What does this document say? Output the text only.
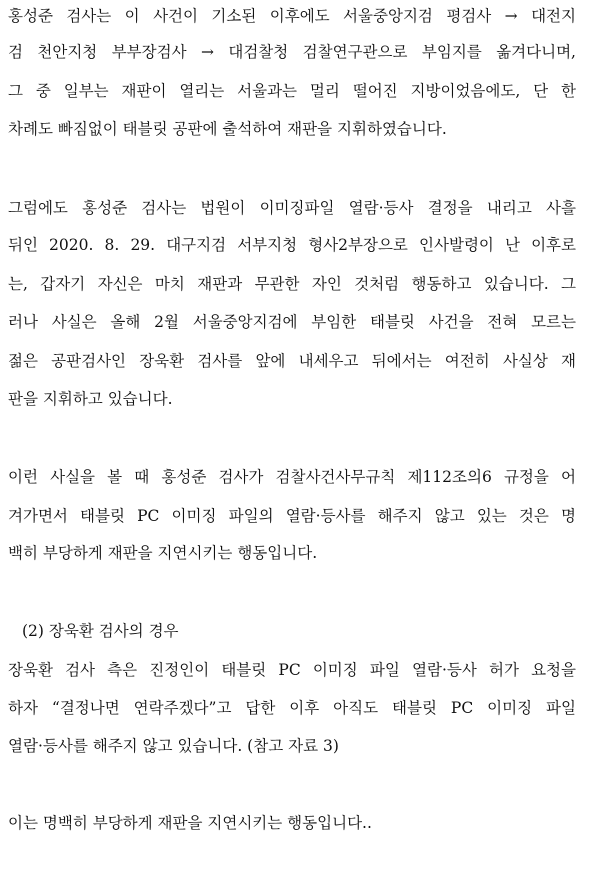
홍성준 검사는 이 사건이 기소된 이후에도 서울중앙지검 평검사 → 대전지
검 천안지청 부부장검사 → 대검찰청 검찰연구관으로 부임지를 옮겨다니며,
그 중 일부는 재판이 열리는 서울과는 멀리 떨어진 지방이었음에도, 단 한
차례도 빠짐없이 태블릿 공판에 출석하여 재판을 지휘하였습니다.
그럼에도 홍성준 검사는 법원이 이미징파일 열람·등사 결정을 내리고 사흘
뒤인 2020. 8. 29. 대구지검 서부지청 형사2부장으로 인사발령이 난 이후로
는, 갑자기 자신은 마치 재판과 무관한 자인 것처럼 행동하고 있습니다. 그
러나 사실은 올해 2월 서울중앙지검에 부임한 태블릿 사건을 전혀 모르는
젊은 공판검사인 장욱환 검사를 앞에 내세우고 뒤에서는 여전히 사실상 재
판을 지휘하고 있습니다.
이런 사실을 볼 때 홍성준 검사가 검찰사건사무규칙 제112조의6 규정을 어
겨가면서 태블릿 PC 이미징 파일의 열람·등사를 해주지 않고 있는 것은 명
백히 부당하게 재판을 지연시키는 행동입니다.
(2) 장욱환 검사의 경우
장욱환 검사 측은 진정인이 태블릿 PC 이미징 파일 열람·등사 허가 요청을
하자 “결정나면 연락주겠다”고 답한 이후 아직도 태블릿 PC 이미징 파일
열람·등사를 해주지 않고 있습니다. (참고 자료 3)
이는 명백히 부당하게 재판을 지연시키는 행동입니다..
